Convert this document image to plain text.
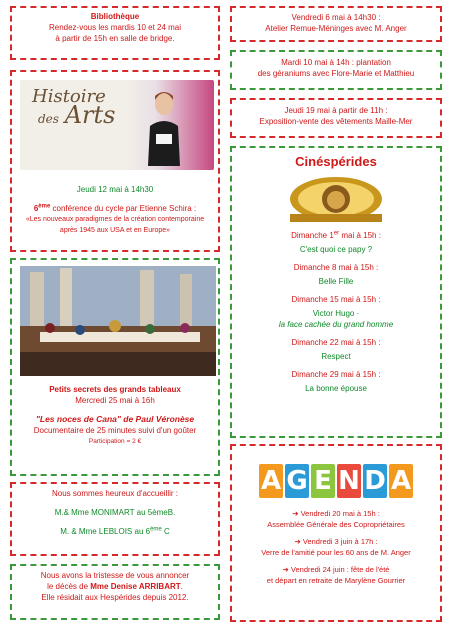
Bibliothèque
Rendez-vous les mardis 10 et 24 mai
à partir de 15h en salle de bridge.
Histoire
des Arts
Jeudi 12 mai à 14h30
6ème conférence du cycle par Etienne Schira :
«Les nouveaux paradigmes de la création contemporaine
après 1945 aux USA et en Europe»
Petits secrets des grands tableaux
Mercredi 25 mai à 16h
"Les noces de Cana" de Paul Véronèse
Documentaire de 25 minutes suivi d'un goûter
Participation = 2 €
Nous sommes heureux d'accueillir :
M.& Mme MONIMART au 5èmeB.
M. & Mme LEBLOIS au 6ème C
Nous avons la tristesse de vous annoncer
le décès de Mme Denise ARRIBART.
Elle résidait aux Hespérides depuis 2012.
Vendredi 6 mai à 14h30 :
Atelier Remue-Méninges avec M. Anger
Mardi 10 mai à 14h : plantation
des géraniums avec Flore-Marie et Matthieu
Jeudi 19 mai à partir de 11h :
Exposition-vente des vêtements Maille-Mer
Cinéspérides
Dimanche 1er mai à 15h :
C'est quoi ce papy ?
Dimanche 8 mai à 15h :
Belle Fille
Dimanche 15 mai à 15h :
Victor Hugo ·
la face cachée du grand homme
Dimanche 22 mai à 15h :
Respect
Dimanche 29 mai à 15h :
La bonne épouse
A G E N D A
➔ Vendredi 20 mai à 15h :
Assemblée Générale des Copropriétaires
➔ Vendredi 3 juin à 17h :
Verre de l'amitié pour les 60 ans de M. Anger
➔ Vendredi 24 juin : fête de l'été
et départ en retraite de Marylène Gourrier
